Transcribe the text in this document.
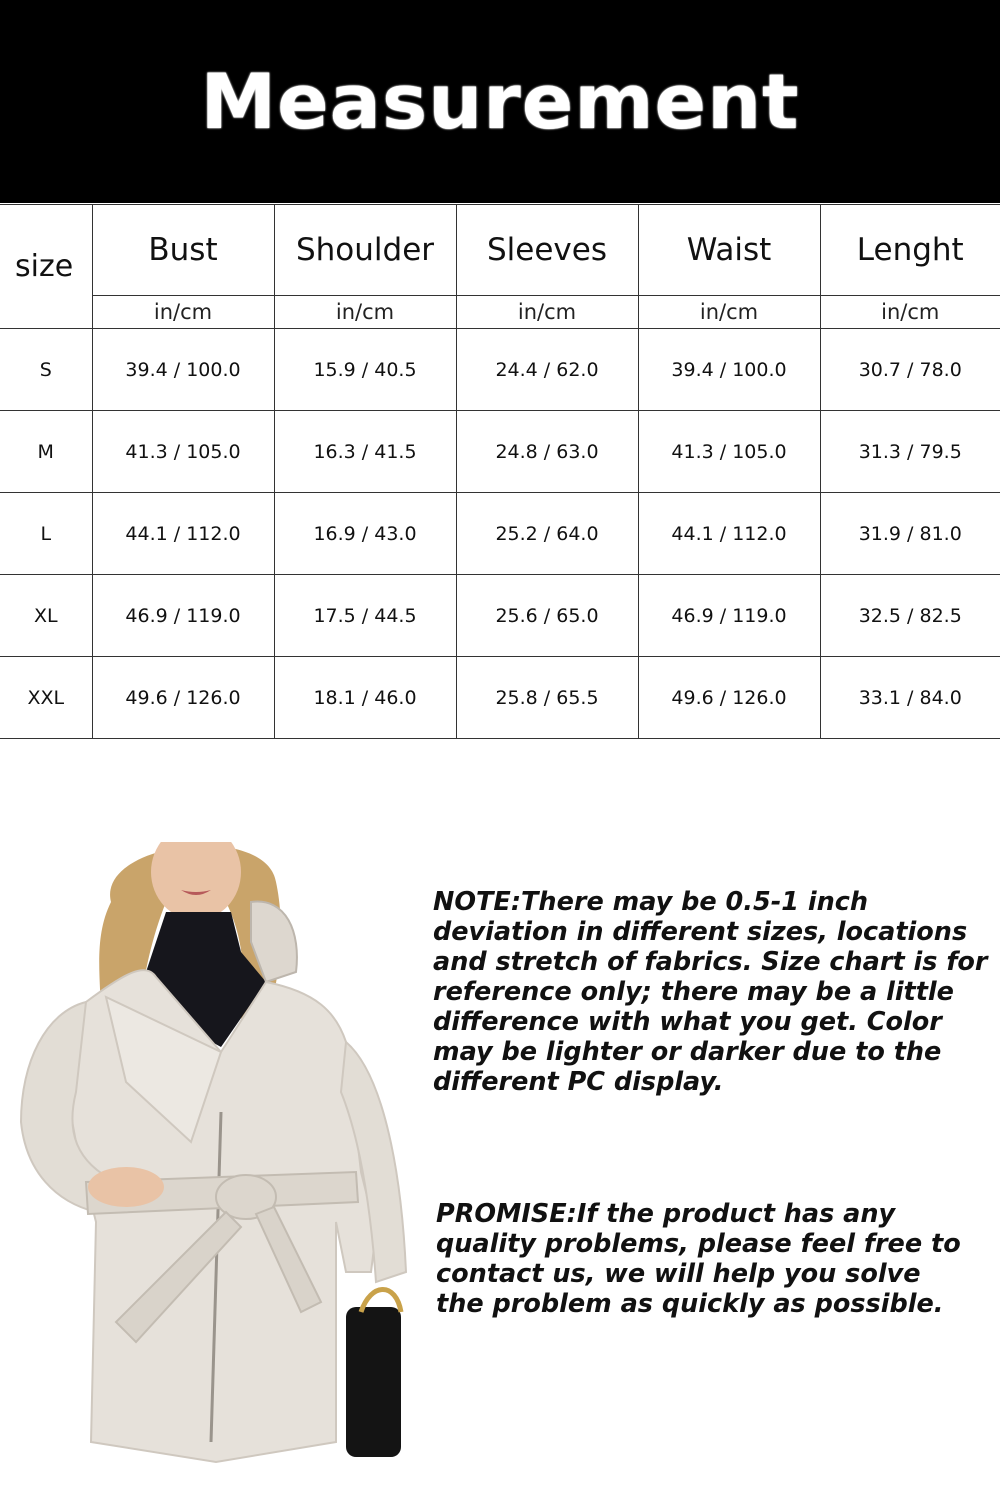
Measurement
size	Bust	Shoulder	Sleeves	Waist	Lenght
	in/cm	in/cm	in/cm	in/cm	in/cm
S	39.4 / 100.0	15.9 / 40.5	24.4 / 62.0	39.4 / 100.0	30.7 / 78.0
M	41.3 / 105.0	16.3 / 41.5	24.8 / 63.0	41.3 / 105.0	31.3 / 79.5
L	44.1 / 112.0	16.9 / 43.0	25.2 / 64.0	44.1 / 112.0	31.9 / 81.0
XL	46.9 / 119.0	17.5 / 44.5	25.6 / 65.0	46.9 / 119.0	32.5 / 82.5
XXL	49.6 / 126.0	18.1 / 46.0	25.8 / 65.5	49.6 / 126.0	33.1 / 84.0

NOTE:There may be 0.5-1 inch

deviation in different sizes, locations

and stretch of fabrics. Size chart is for

reference only; there may be a little

difference with what you get. Color

may be lighter or darker due to the

different PC display.

PROMISE:If the product has any

quality problems, please feel free to

contact us, we will help you solve

the problem as quickly as possible.
